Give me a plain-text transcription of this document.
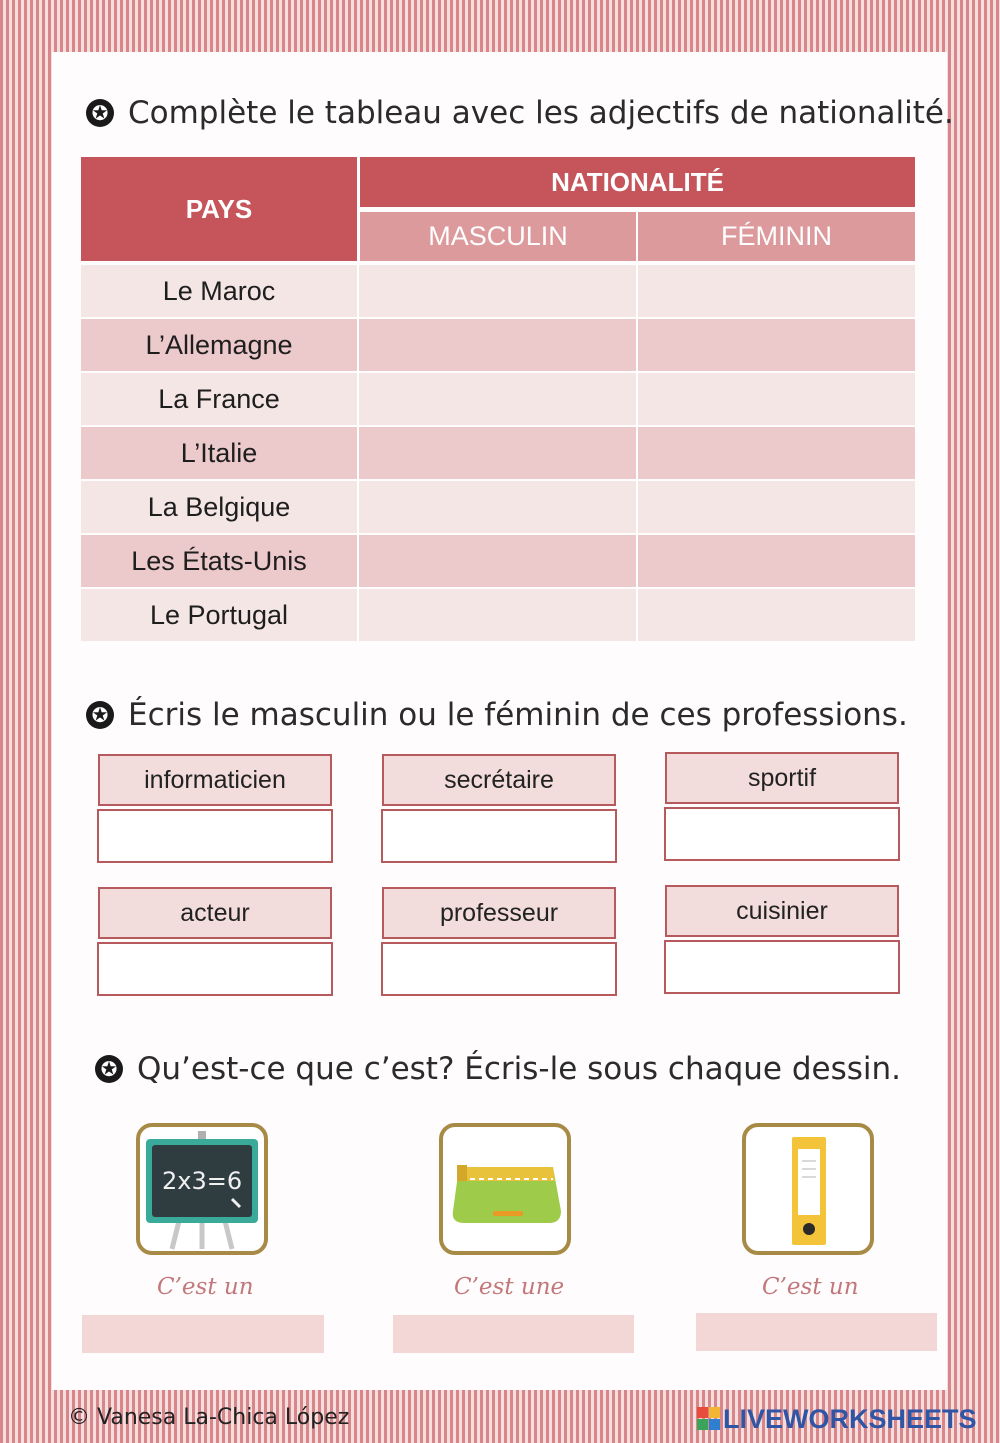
✪ Complète le tableau avec les adjectifs de nationalité.
PAYS
NATIONALITÉ
MASCULIN	FÉMININ
Le Maroc
L’Allemagne
La France
L’Italie
La Belgique
Les États-Unis
Le Portugal
✪ Écris le masculin ou le féminin de ces professions.
informaticien	secrétaire	sportif
acteur	professeur	cuisinier
✪ Qu’est-ce que c’est? Écris-le sous chaque dessin.
2x3=6
C’est un	C’est une	C’est un
© Vanesa La-Chica López	LIVEWORKSHEETS
